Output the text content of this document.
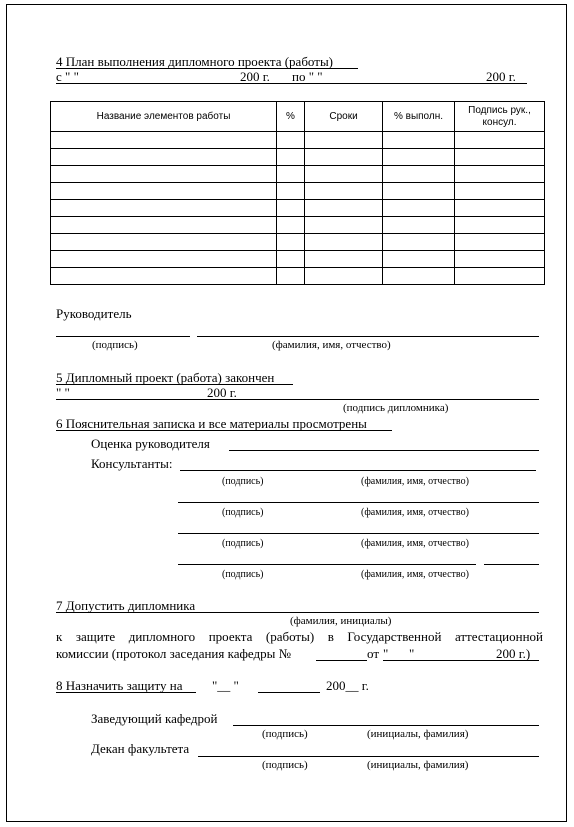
4 План выполнения дипломного проекта (работы)
с " "	200 г. по " "	200 г.
Название элементов работы	%	Сроки	% выполн.	Подпись рук., консул.

Руководитель
(подпись)	(фамилия, имя, отчество)
5 Дипломный проект (работа) закончен
" "	200 г.
(подпись дипломника)
6 Пояснительная записка и все материалы просмотрены
Оценка руководителя
Консультанты:
(подпись)	(фамилия, имя, отчество)
(подпись)	(фамилия, имя, отчество)
(подпись)	(фамилия, имя, отчество)
(подпись)	(фамилия, имя, отчество)
7 Допустить дипломника
(фамилия, инициалы)
к защите дипломного проекта (работы) в Государственной аттестационной
комиссии (протокол заседания кафедры №	от " "	200 г.)
8 Назначить защиту на "__ "	200__ г.
Заведующий кафедрой
(подпись)	(инициалы, фамилия)
Декан факультета
(подпись)	(инициалы, фамилия)
